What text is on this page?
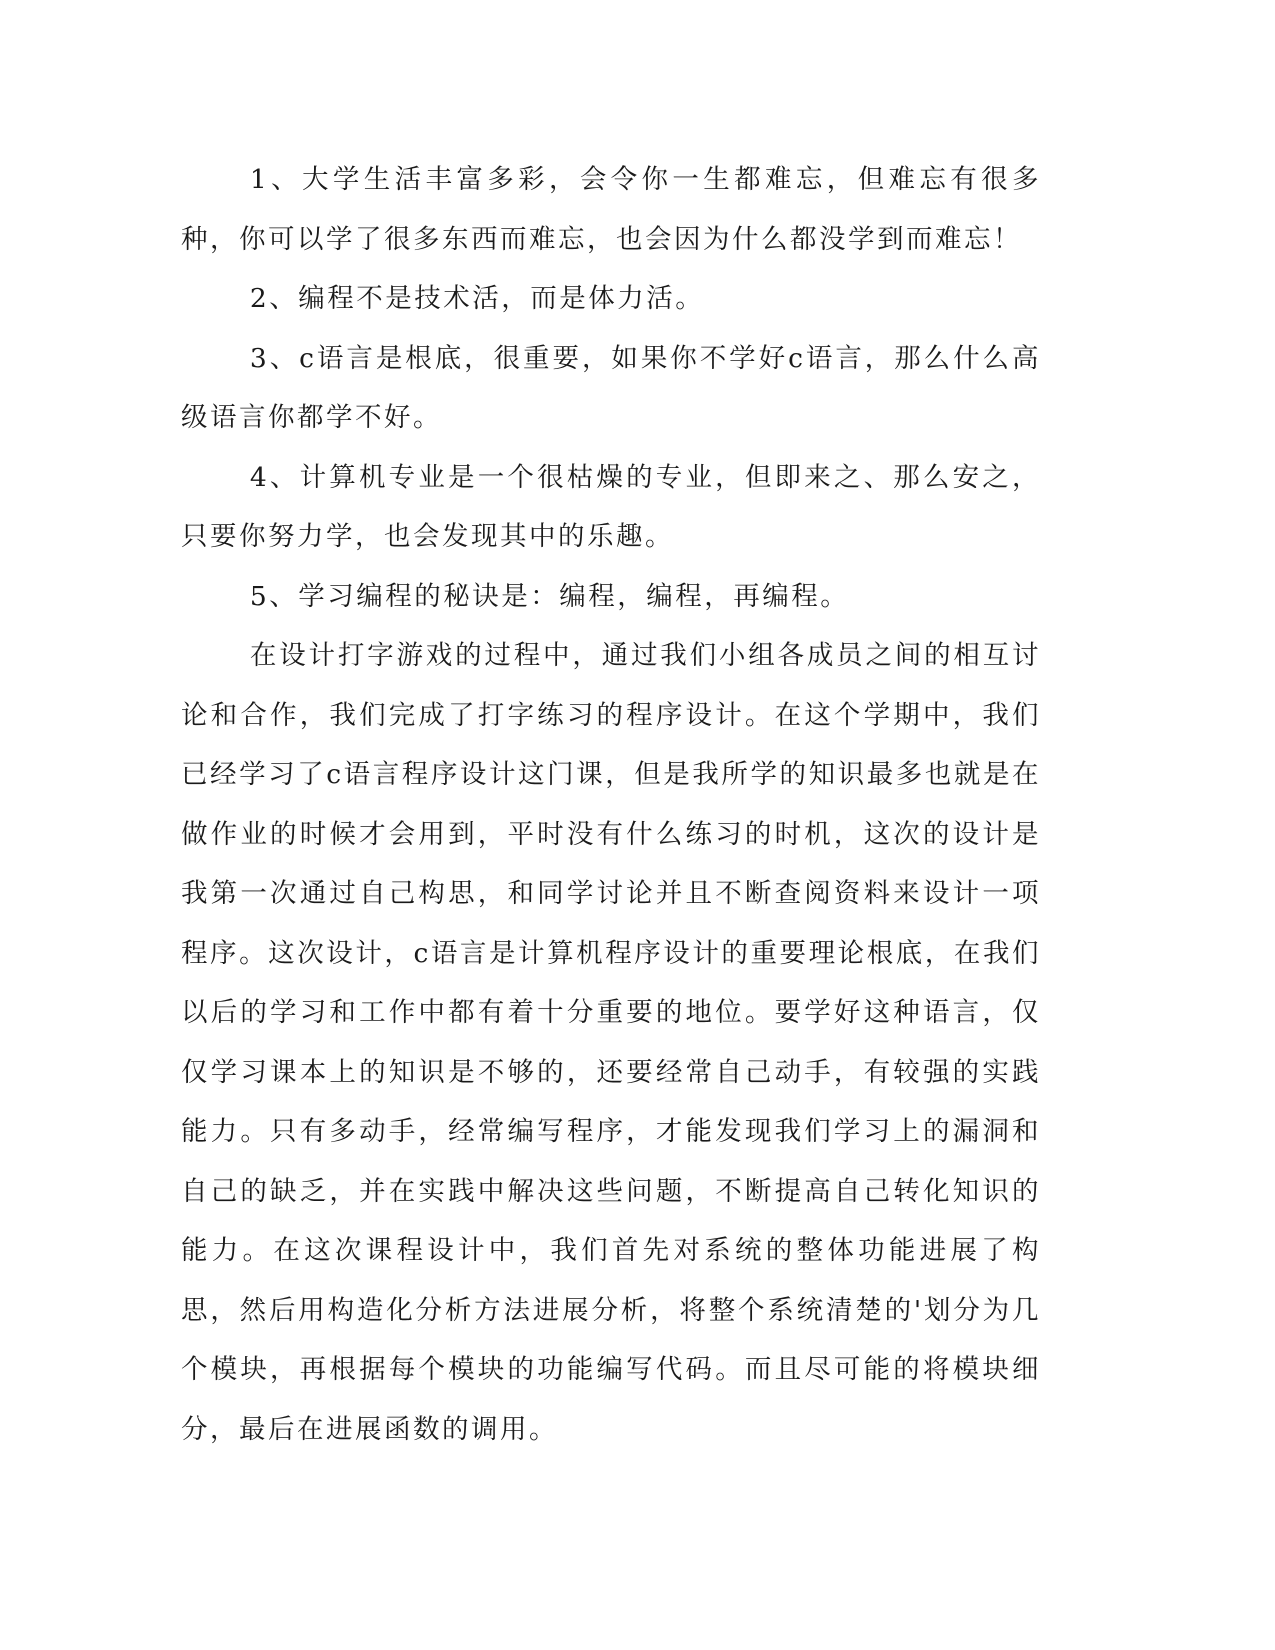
1、大学生活丰富多彩，会令你一生都难忘，但难忘有很多种，你可以学了很多东西而难忘，也会因为什么都没学到而难忘！

2、编程不是技术活，而是体力活。

3、c语言是根底，很重要，如果你不学好c语言，那么什么高级语言你都学不好。

4、计算机专业是一个很枯燥的专业，但即来之、那么安之，只要你努力学，也会发现其中的乐趣。

5、学习编程的秘诀是：编程，编程，再编程。

在设计打字游戏的过程中，通过我们小组各成员之间的相互讨论和合作，我们完成了打字练习的程序设计。在这个学期中，我们已经学习了c语言程序设计这门课，但是我所学的知识最多也就是在做作业的时候才会用到，平时没有什么练习的时机，这次的设计是我第一次通过自己构思，和同学讨论并且不断查阅资料来设计一项程序。这次设计，c语言是计算机程序设计的重要理论根底，在我们以后的学习和工作中都有着十分重要的地位。要学好这种语言，仅仅学习课本上的知识是不够的，还要经常自己动手，有较强的实践能力。只有多动手，经常编写程序，才能发现我们学习上的漏洞和自己的缺乏，并在实践中解决这些问题，不断提高自己转化知识的能力。在这次课程设计中，我们首先对系统的整体功能进展了构思，然后用构造化分析方法进展分析，将整个系统清楚的'划分为几个模块，再根据每个模块的功能编写代码。而且尽可能的将模块细分，最后在进展函数的调用。
